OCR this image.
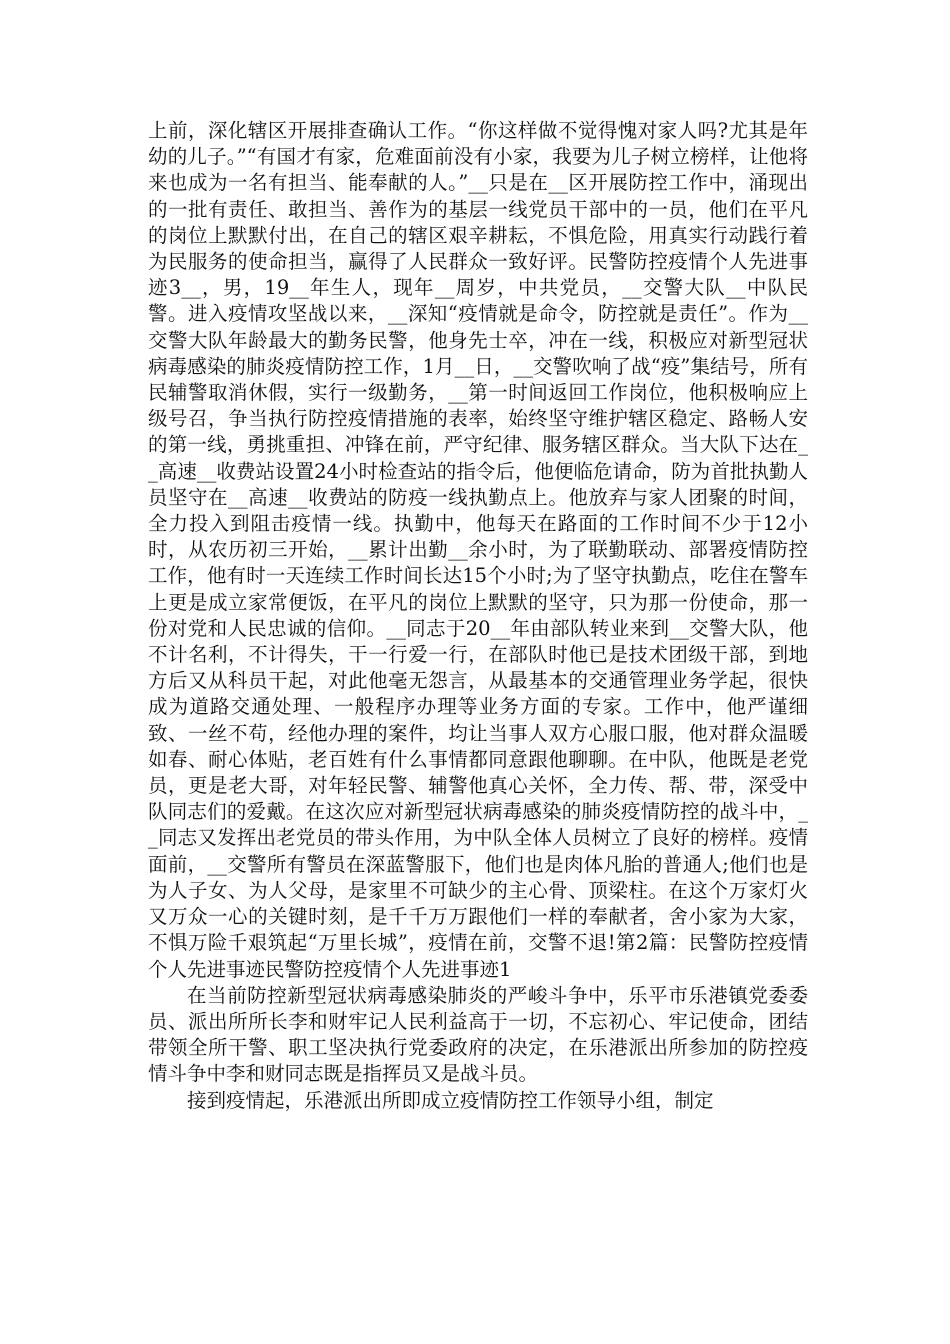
上前，深化辖区开展排查确认工作。“你这样做不觉得愧对家人吗?尤其是年幼的儿子。”“有国才有家，危难面前没有小家，我要为儿子树立榜样，让他将来也成为一名有担当、能奉献的人。”__只是在__区开展防控工作中，涌现出的一批有责任、敢担当、善作为的基层一线党员干部中的一员，他们在平凡的岗位上默默付出，在自己的辖区艰辛耕耘，不惧危险，用真实行动践行着为民服务的使命担当，赢得了人民群众一致好评。民警防控疫情个人先进事迹3__，男，19__年生人，现年__周岁，中共党员，__交警大队__中队民警。进入疫情攻坚战以来，__深知“疫情就是命令，防控就是责任”。作为__交警大队年龄最大的勤务民警，他身先士卒，冲在一线，积极应对新型冠状病毒感染的肺炎疫情防控工作，1月__日，__交警吹响了战“疫”集结号，所有民辅警取消休假，实行一级勤务，__第一时间返回工作岗位，他积极响应上级号召，争当执行防控疫情措施的表率，始终坚守维护辖区稳定、路畅人安的第一线，勇挑重担、冲锋在前，严守纪律、服务辖区群众。当大队下达在__高速__收费站设置24小时检查站的指令后，他便临危请命，防为首批执勤人员坚守在__高速__收费站的防疫一线执勤点上。他放弃与家人团聚的时间，全力投入到阻击疫情一线。执勤中，他每天在路面的工作时间不少于12小时，从农历初三开始，__累计出勤__余小时，为了联勤联动、部署疫情防控工作，他有时一天连续工作时间长达15个小时;为了坚守执勤点，吃住在警车上更是成立家常便饭，在平凡的岗位上默默的坚守，只为那一份使命，那一份对党和人民忠诚的信仰。__同志于20__年由部队转业来到__交警大队，他不计名利，不计得失，干一行爱一行，在部队时他已是技术团级干部，到地方后又从科员干起，对此他毫无怨言，从最基本的交通管理业务学起，很快成为道路交通处理、一般程序办理等业务方面的专家。工作中，他严谨细致、一丝不苟，经他办理的案件，均让当事人双方心服口服，他对群众温暖如春、耐心体贴，老百姓有什么事情都同意跟他聊聊。在中队，他既是老党员，更是老大哥，对年轻民警、辅警他真心关怀，全力传、帮、带，深受中队同志们的爱戴。在这次应对新型冠状病毒感染的肺炎疫情防控的战斗中，__同志又发挥出老党员的带头作用，为中队全体人员树立了良好的榜样。疫情面前，__交警所有警员在深蓝警服下，他们也是肉体凡胎的普通人;他们也是为人子女、为人父母，是家里不可缺少的主心骨、顶梁柱。在这个万家灯火又万众一心的关键时刻，是千千万万跟他们一样的奉献者，舍小家为大家，不惧万险千艰筑起“万里长城”，疫情在前，交警不退!第2篇：民警防控疫情个人先进事迹民警防控疫情个人先进事迹1

在当前防控新型冠状病毒感染肺炎的严峻斗争中，乐平市乐港镇党委委员、派出所所长李和财牢记人民利益高于一切，不忘初心、牢记使命，团结带领全所干警、职工坚决执行党委政府的决定，在乐港派出所参加的防控疫情斗争中李和财同志既是指挥员又是战斗员。

接到疫情起，乐港派出所即成立疫情防控工作领导小组，制定
